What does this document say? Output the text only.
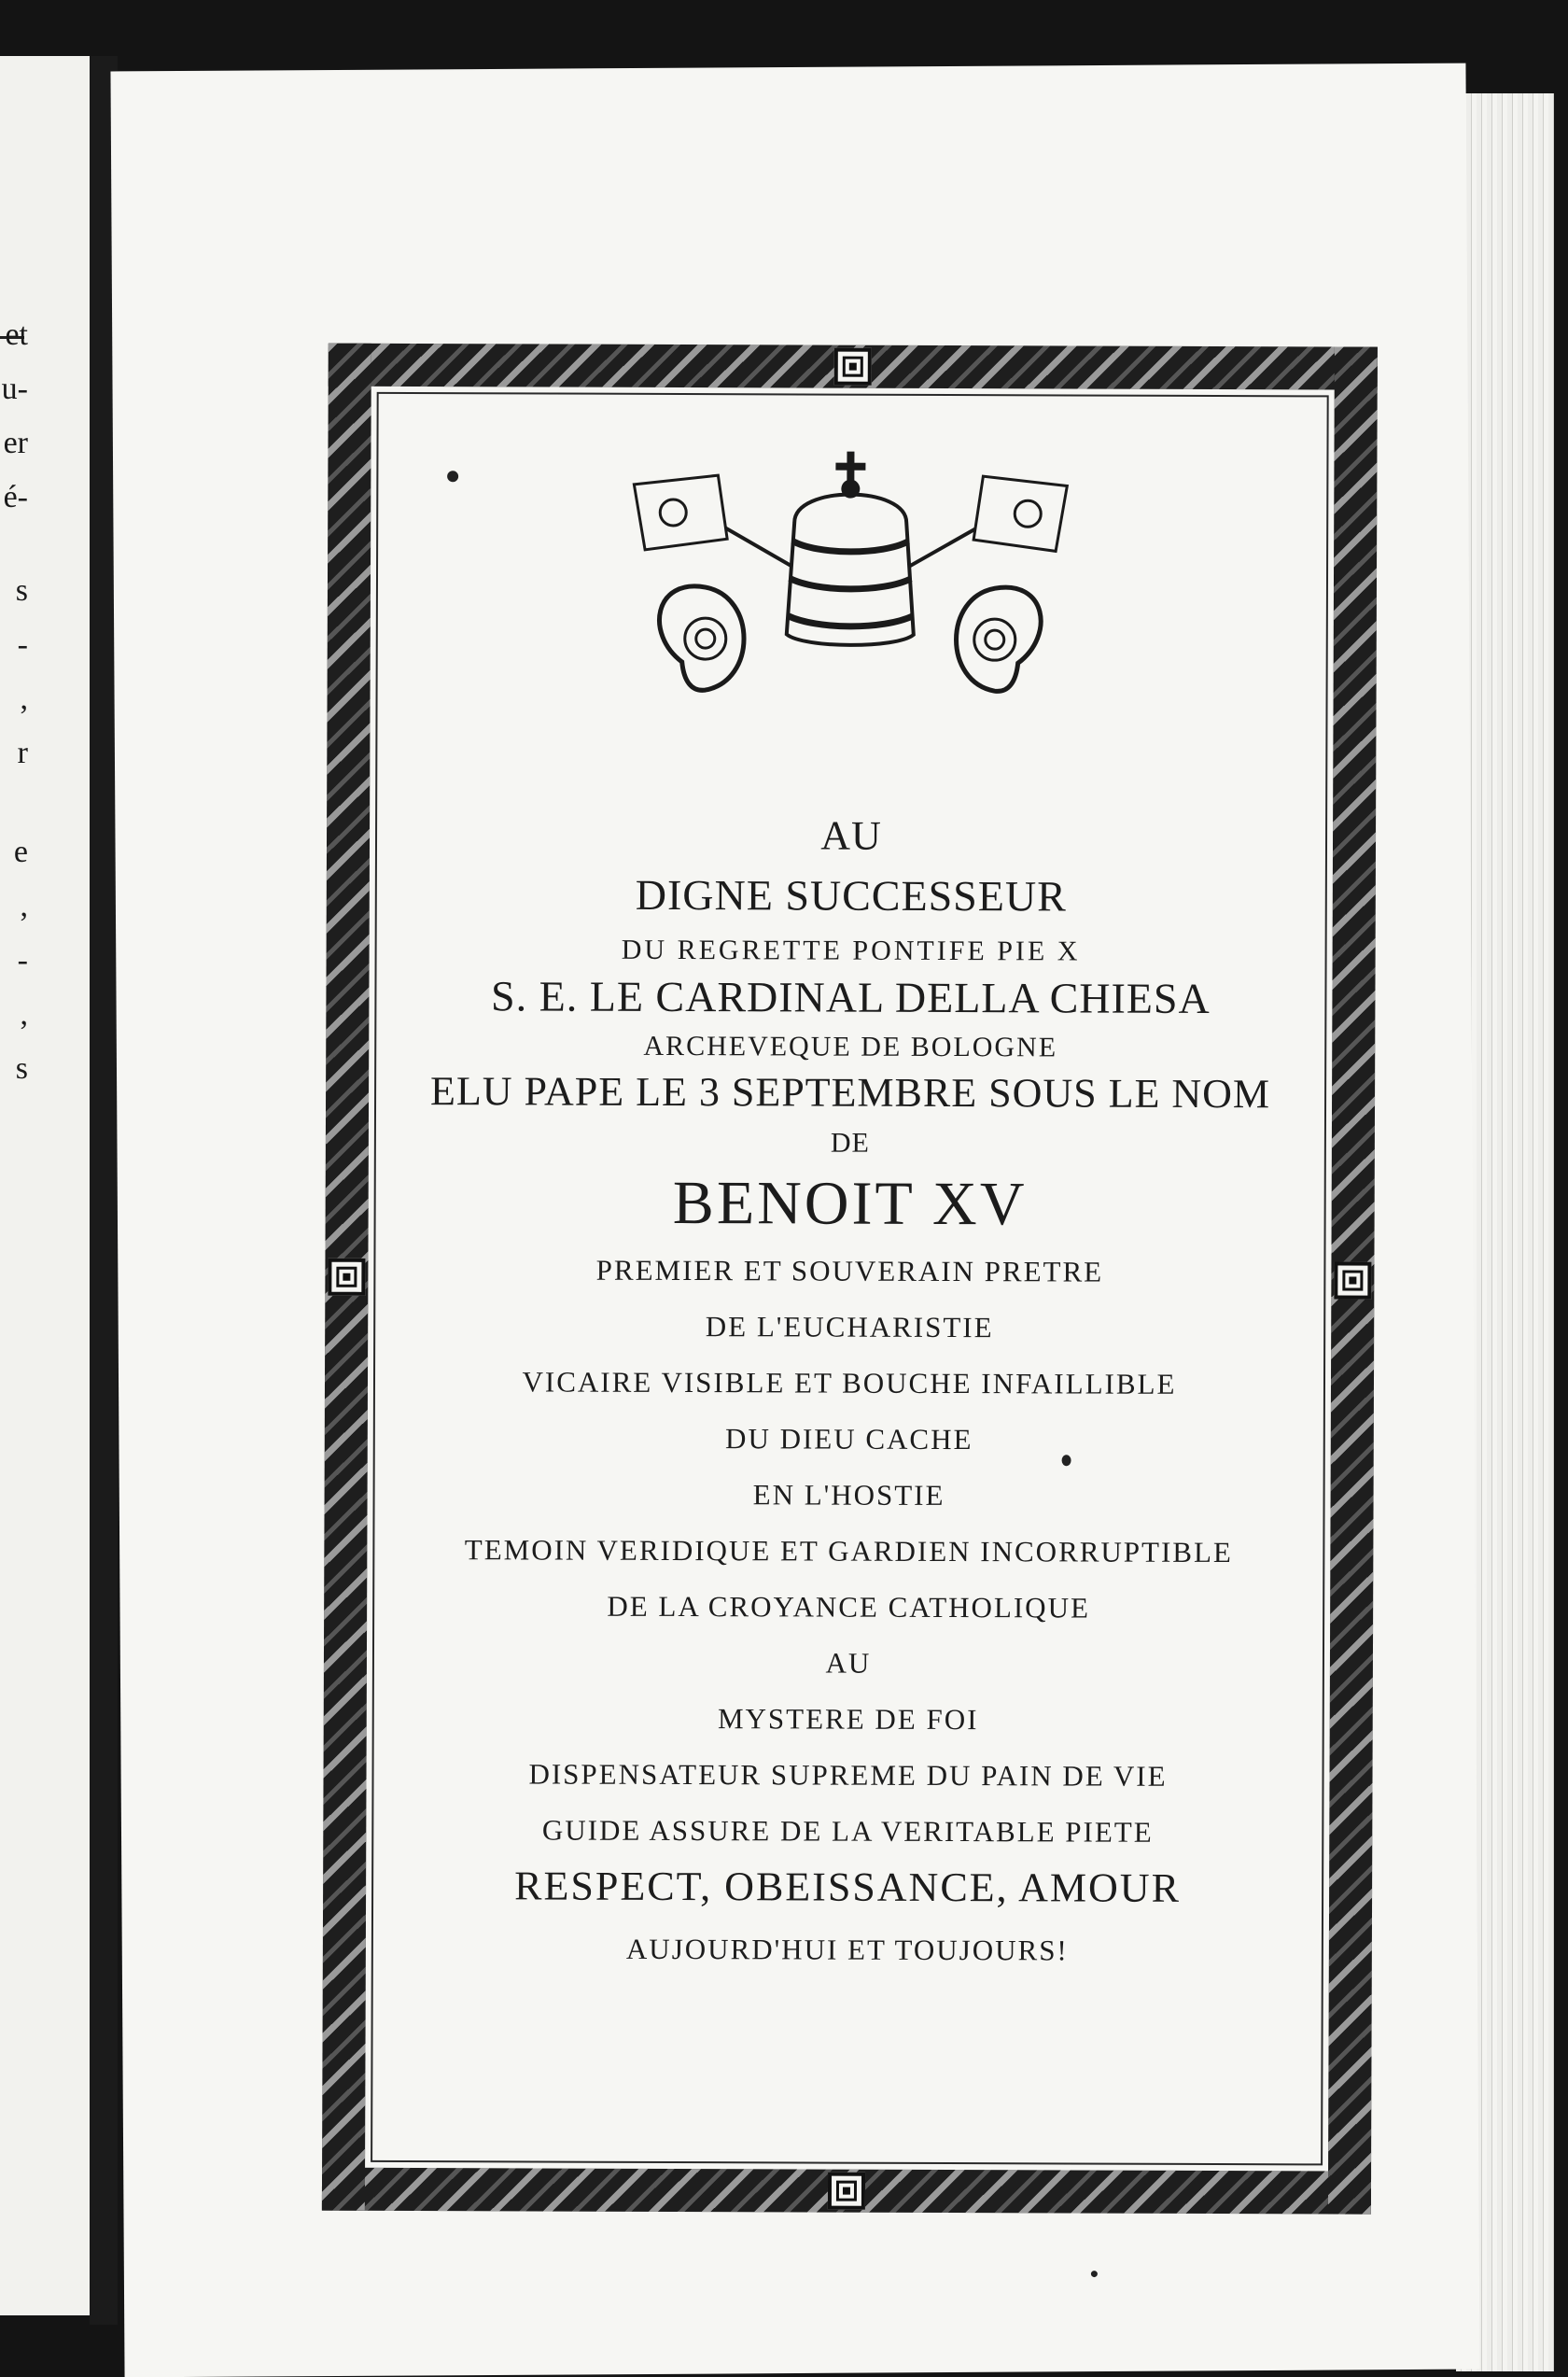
et
u-
er
é-
s
-
,
r
e
,
-
,
s
AU
DIGNE SUCCESSEUR
DU REGRETTE PONTIFE PIE X
S. E. LE CARDINAL DELLA CHIESA
ARCHEVEQUE DE BOLOGNE
ELU PAPE LE 3 SEPTEMBRE SOUS LE NOM
DE
BENOIT XV
PREMIER ET SOUVERAIN PRETRE
DE L'EUCHARISTIE
VICAIRE VISIBLE ET BOUCHE INFAILLIBLE
DU DIEU CACHE
EN L'HOSTIE
TEMOIN VERIDIQUE ET GARDIEN INCORRUPTIBLE
DE LA CROYANCE CATHOLIQUE
AU
MYSTERE DE FOI
DISPENSATEUR SUPREME DU PAIN DE VIE
GUIDE ASSURE DE LA VERITABLE PIETE
RESPECT, OBEISSANCE, AMOUR
AUJOURD'HUI ET TOUJOURS!
